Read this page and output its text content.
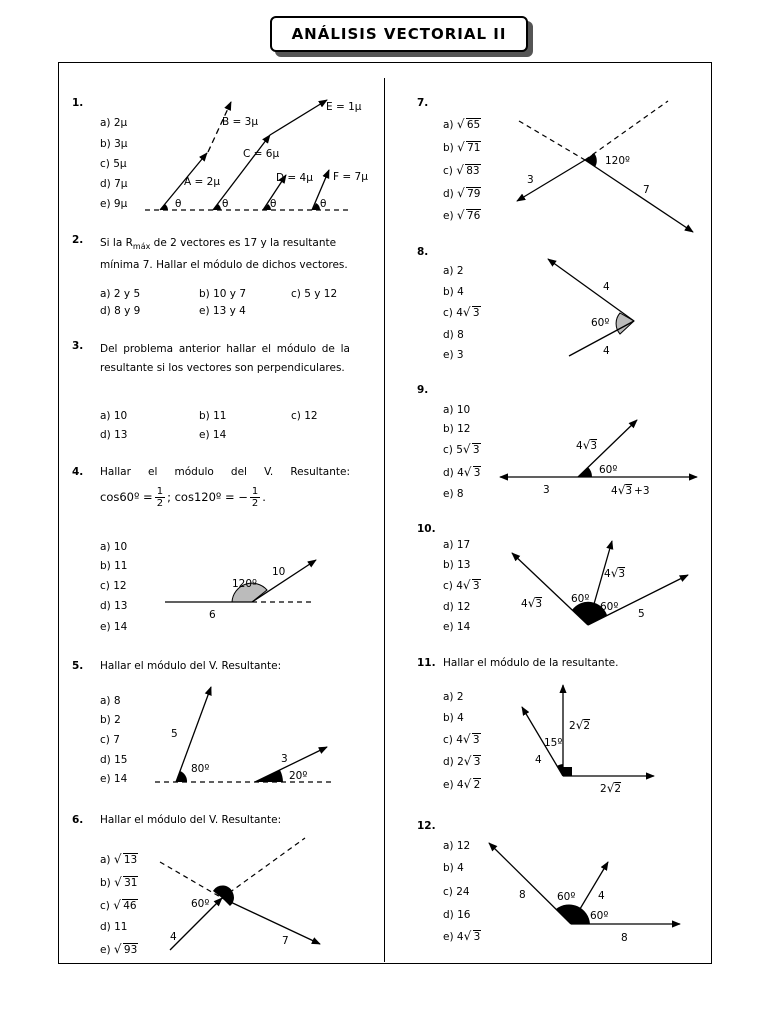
ANÁLISIS VECTORIAL II
1.
a) 2μ
b) 3μ
c) 5μ
d) 7μ
e) 9μ	θ	θ	θ	θ
A = 2μ
B = 3μ
C = 6μ
D = 4μ
E = 1μ
F = 7μ
2. Si la $R_{máx}$ de 2 vectores es 17 y la resultante mínima 7. Hallar el módulo de dichos vectores.
a) 2 y 5	b) 10 y 7	c) 5 y 12
d) 8 y 9	e) 13 y 4
3. Del problema anterior hallar el módulo de la resultante si los vectores son perpendiculares.
a) 10	b) 11	c) 12
d) 13	e) 14
4. Hallar el módulo del V. Resultante:
cos60º = $\frac{1}{2}$ ; cos120º = − $\frac{1}{2}$ .
a) 10
b) 11
c) 12
d) 13
e) 14
120º
10
6
5. Hallar el módulo del V. Resultante:
a) 8
b) 2
c) 7
d) 15
e) 14
5
80º
3
20º
6. Hallar el módulo del V. Resultante:
a) √ 13
b) √ 31
c) √ 46
d) 11
e) √ 93
60º
4	7
7.
a) √ 65
b) √ 71
c) √ 83
d) √ 79
e) √ 76
120º
3
7
8.
a) 2
b) 4
c) 4 √ 3
d) 8
e) 3
4
60º
4
9.
a) 10
b) 12
c) 5 √ 3
d) 4 √ 3
e) 8
4√3
60º
3	4√3 +3
10.
a) 17
b) 13
c) 4 √ 3
d) 12
e) 14
4√3
4√3	60º
60º
5
11. Hallar el módulo de la resultante.
a) 2
b) 4
c) 4 √ 3
d) 2 √ 3
e) 4 √ 2
2√2
15º
4
2√2
12.
a) 12
b) 4
c) 24
d) 16
e) 4 √ 3
8	60º 4
60º
8
